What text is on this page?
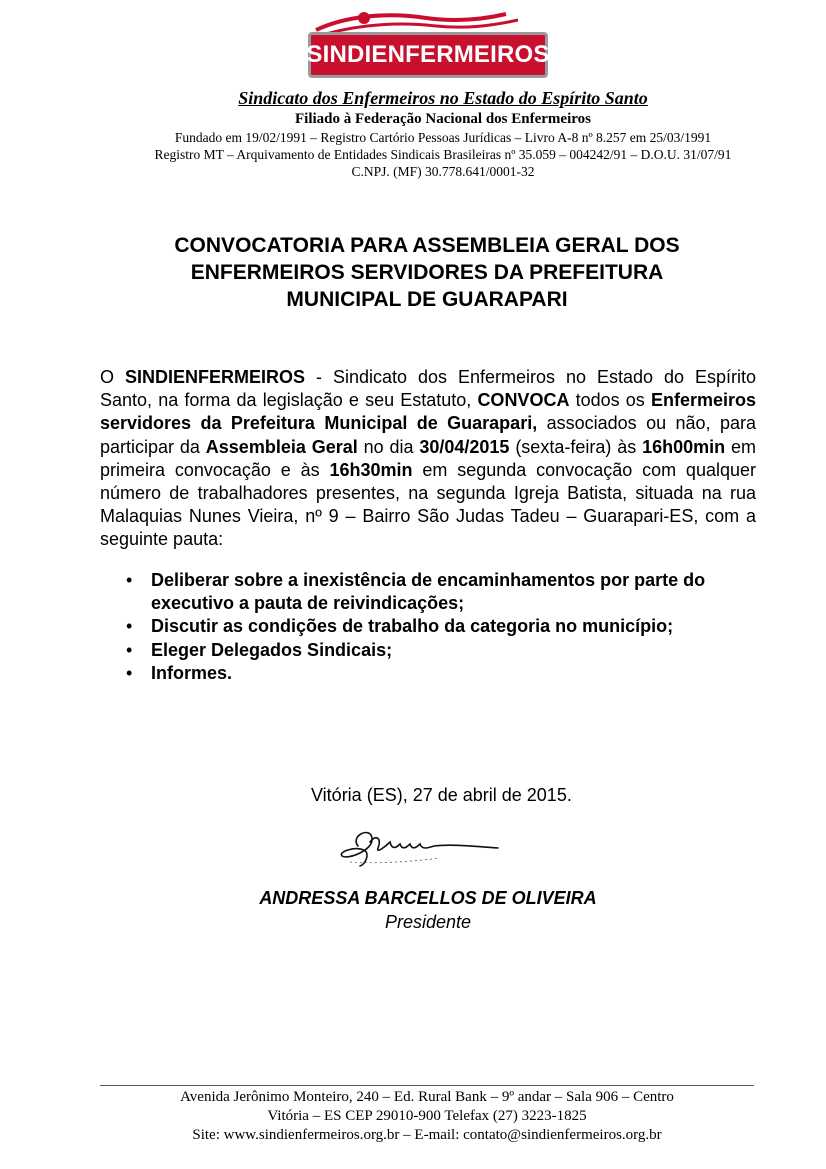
SINDIENFERMEIROS
Sindicato dos Enfermeiros no Estado do Espírito Santo
Filiado à Federação Nacional dos Enfermeiros
Fundado em 19/02/1991 – Registro Cartório Pessoas Jurídicas – Livro A-8 nº 8.257 em 25/03/1991
Registro MT – Arquivamento de Entidades Sindicais Brasileiras nº 35.059 – 004242/91 – D.O.U. 31/07/91
C.NPJ. (MF) 30.778.641/0001-32
CONVOCATORIA PARA ASSEMBLEIA GERAL DOS
ENFERMEIROS SERVIDORES DA PREFEITURA
MUNICIPAL DE GUARAPARI
O SINDIENFERMEIROS - Sindicato dos Enfermeiros no Estado do Espírito Santo, na forma da legislação e seu Estatuto, CONVOCA todos os Enfermeiros servidores da Prefeitura Municipal de Guarapari, associados ou não, para participar da Assembleia Geral no dia 30/04/2015 (sexta-feira) às 16h00min em primeira convocação e às 16h30min em segunda convocação com qualquer número de trabalhadores presentes, na segunda Igreja Batista, situada na rua Malaquias Nunes Vieira, nº 9 – Bairro São Judas Tadeu – Guarapari-ES, com a seguinte pauta:
• Deliberar sobre a inexistência de encaminhamentos por parte do executivo a pauta de reivindicações;
• Discutir as condições de trabalho da categoria no município;
• Eleger Delegados Sindicais;
• Informes.
Vitória (ES), 27 de abril de 2015.
ANDRESSA BARCELLOS DE OLIVEIRA
Presidente
Avenida Jerônimo Monteiro, 240 – Ed. Rural Bank – 9º andar – Sala 906 – Centro
Vitória – ES CEP 29010-900 Telefax (27) 3223-1825
Site: www.sindienfermeiros.org.br – E-mail: contato@sindienfermeiros.org.br
